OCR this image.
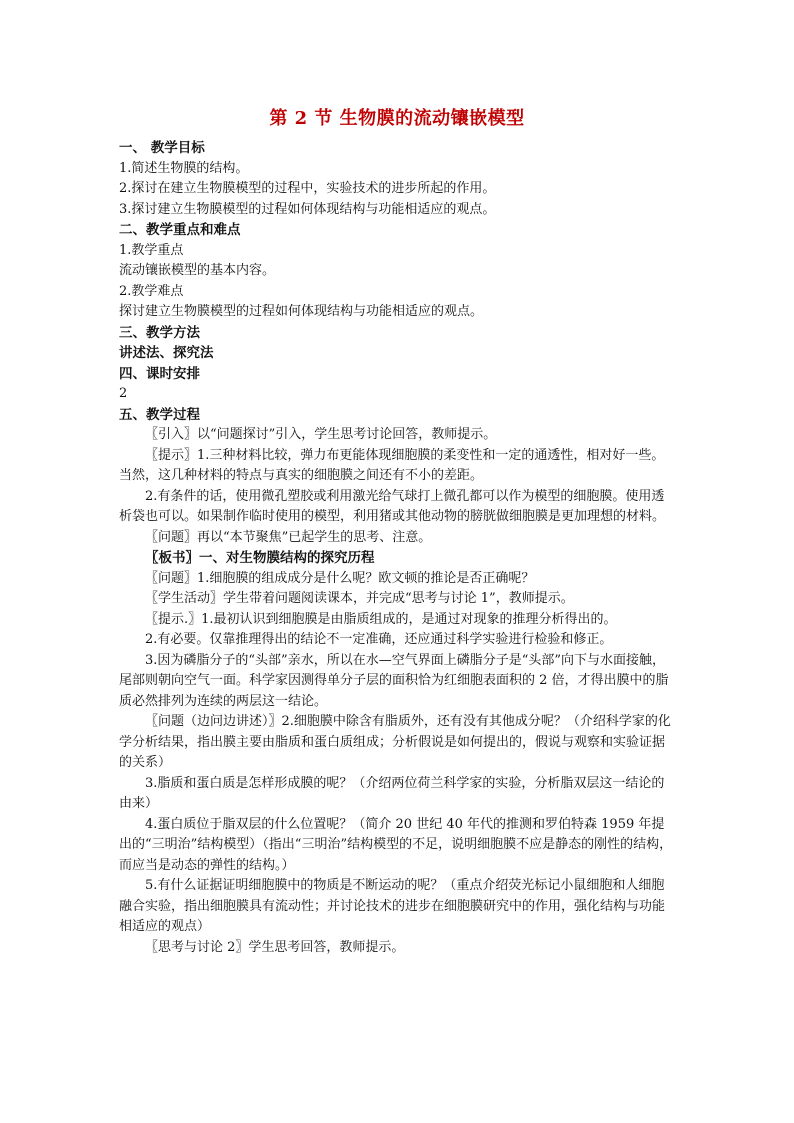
第 2 节 生物膜的流动镶嵌模型

一、 教学目标

1.简述生物膜的结构。

2.探讨在建立生物膜模型的过程中，实验技术的进步所起的作用。

3.探讨建立生物膜模型的过程如何体现结构与功能相适应的观点。

二、教学重点和难点

1.教学重点

流动镶嵌模型的基本内容。

2.教学难点

探讨建立生物膜模型的过程如何体现结构与功能相适应的观点。

三、教学方法

讲述法、探究法

四、课时安排

2

五、教学过程

〖引入〗以“问题探讨”引入，学生思考讨论回答，教师提示。

〖提示〗1.三种材料比较，弹力布更能体现细胞膜的柔变性和一定的通透性，相对好一些。当然，这几种材料的特点与真实的细胞膜之间还有不小的差距。

2.有条件的话，使用微孔塑胶或利用激光给气球打上微孔都可以作为模型的细胞膜。使用透析袋也可以。如果制作临时使用的模型，利用猪或其他动物的膀胱做细胞膜是更加理想的材料。

〖问题〗再以“本节聚焦”已起学生的思考、注意。

〖板书〗一、对生物膜结构的探究历程

〖问题〗1.细胞膜的组成成分是什么呢？欧文顿的推论是否正确呢？

〖学生活动〗学生带着问题阅读课本，并完成“思考与讨论 1”，教师提示。

〖提示.〗1.最初认识到细胞膜是由脂质组成的，是通过对现象的推理分析得出的。

2.有必要。仅靠推理得出的结论不一定准确，还应通过科学实验进行检验和修正。

3.因为磷脂分子的“头部”亲水，所以在水—空气界面上磷脂分子是“头部”向下与水面接触，尾部则朝向空气一面。科学家因测得单分子层的面积恰为红细胞表面积的 2 倍，才得出膜中的脂质必然排列为连续的两层这一结论。

〖问题（边问边讲述）〗2.细胞膜中除含有脂质外，还有没有其他成分呢？（介绍科学家的化学分析结果，指出膜主要由脂质和蛋白质组成；分析假说是如何提出的，假说与观察和实验证据的关系）

3.脂质和蛋白质是怎样形成膜的呢？（介绍两位荷兰科学家的实验，分析脂双层这一结论的由来）

4.蛋白质位于脂双层的什么位置呢？（简介 20 世纪 40 年代的推测和罗伯特森 1959 年提出的“三明治”结构模型）（指出“三明治”结构模型的不足，说明细胞膜不应是静态的刚性的结构，而应当是动态的弹性的结构。）

5.有什么证据证明细胞膜中的物质是不断运动的呢？（重点介绍荧光标记小鼠细胞和人细胞融合实验，指出细胞膜具有流动性；并讨论技术的进步在细胞膜研究中的作用，强化结构与功能相适应的观点）

〖思考与讨论 2〗学生思考回答，教师提示。
